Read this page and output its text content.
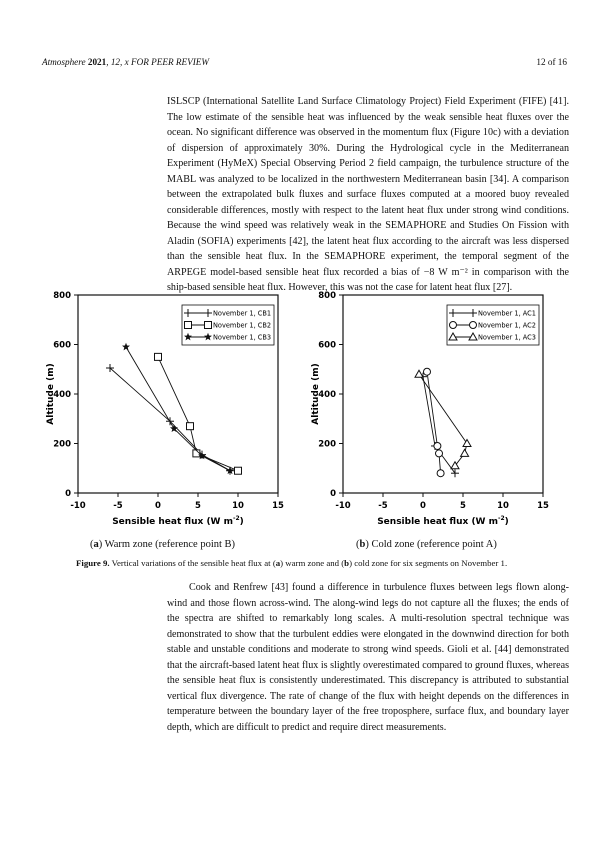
Atmosphere 2021, 12, x FOR PEER REVIEW	12 of 16

ISLSCP (International Satellite Land Surface Climatology Project) Field Experiment (FIFE) [41]. The low estimate of the sensible heat was influenced by the weak sensible heat fluxes over the ocean. No significant difference was observed in the momentum flux (Figure 10c) with a deviation of dispersion of approximately 30%. During the Hydrological cycle in the Mediterranean Experiment (HyMeX) Special Observing Period 2 field campaign, the turbulence structure of the MABL was analyzed to be localized in the northwestern Mediterranean basin [34]. A comparison between the extrapolated bulk fluxes and surface fluxes computed at a moored buoy revealed considerable differences, mostly with respect to the latent heat flux under strong wind conditions. Because the wind speed was relatively weak in the SEMAPHORE and Studies On Fission with Aladin (SOFIA) experiments [42], the latent heat flux according to the aircraft was less dispersed than the sensible heat flux. In the SEMAPHORE experiment, the temporal segment of the ARPEGE model-based sensible heat flux recorded a bias of −8 W m⁻² in comparison with the ship-based sensible heat flux. However, this was not the case for latent heat flux [27].

-10	-5	0	5	10	15
0
200
400
600
800
Sensible heat flux (W $m^{-2}$)
Altitude (m)
November 1, CB1
November 1, CB2
November 1, CB3
-10	-5	0	5	10	15
0
200
400
600
800
Sensible heat flux (W $m^{-2}$)
Altitude (m)
November 1, AC1
November 1, AC2
November 1, AC3
(a) Warm zone (reference point B)	(b) Cold zone (reference point A)
Figure 9. Vertical variations of the sensible heat flux at (a) warm zone and (b) cold zone for six segments on November 1.

Cook and Renfrew [43] found a difference in turbulence fluxes between legs flown along-wind and those flown across-wind. The along-wind legs do not capture all the fluxes; the ends of the spectra are shifted to remarkably long scales. A multi-resolution spectral technique was demonstrated to show that the turbulent eddies were elongated in the downwind direction for both stable and unstable conditions and moderate to strong wind speeds. Gioli et al. [44] demonstrated that the aircraft-based latent heat flux is slightly overestimated compared to ground fluxes, whereas the sensible heat flux is consistently underestimated. This discrepancy is attributed to substantial vertical flux divergence. The rate of change of the flux with height depends on the differences in temperature between the boundary layer of the free troposphere, surface flux, and boundary layer depth, which are difficult to predict and require direct measurements.
